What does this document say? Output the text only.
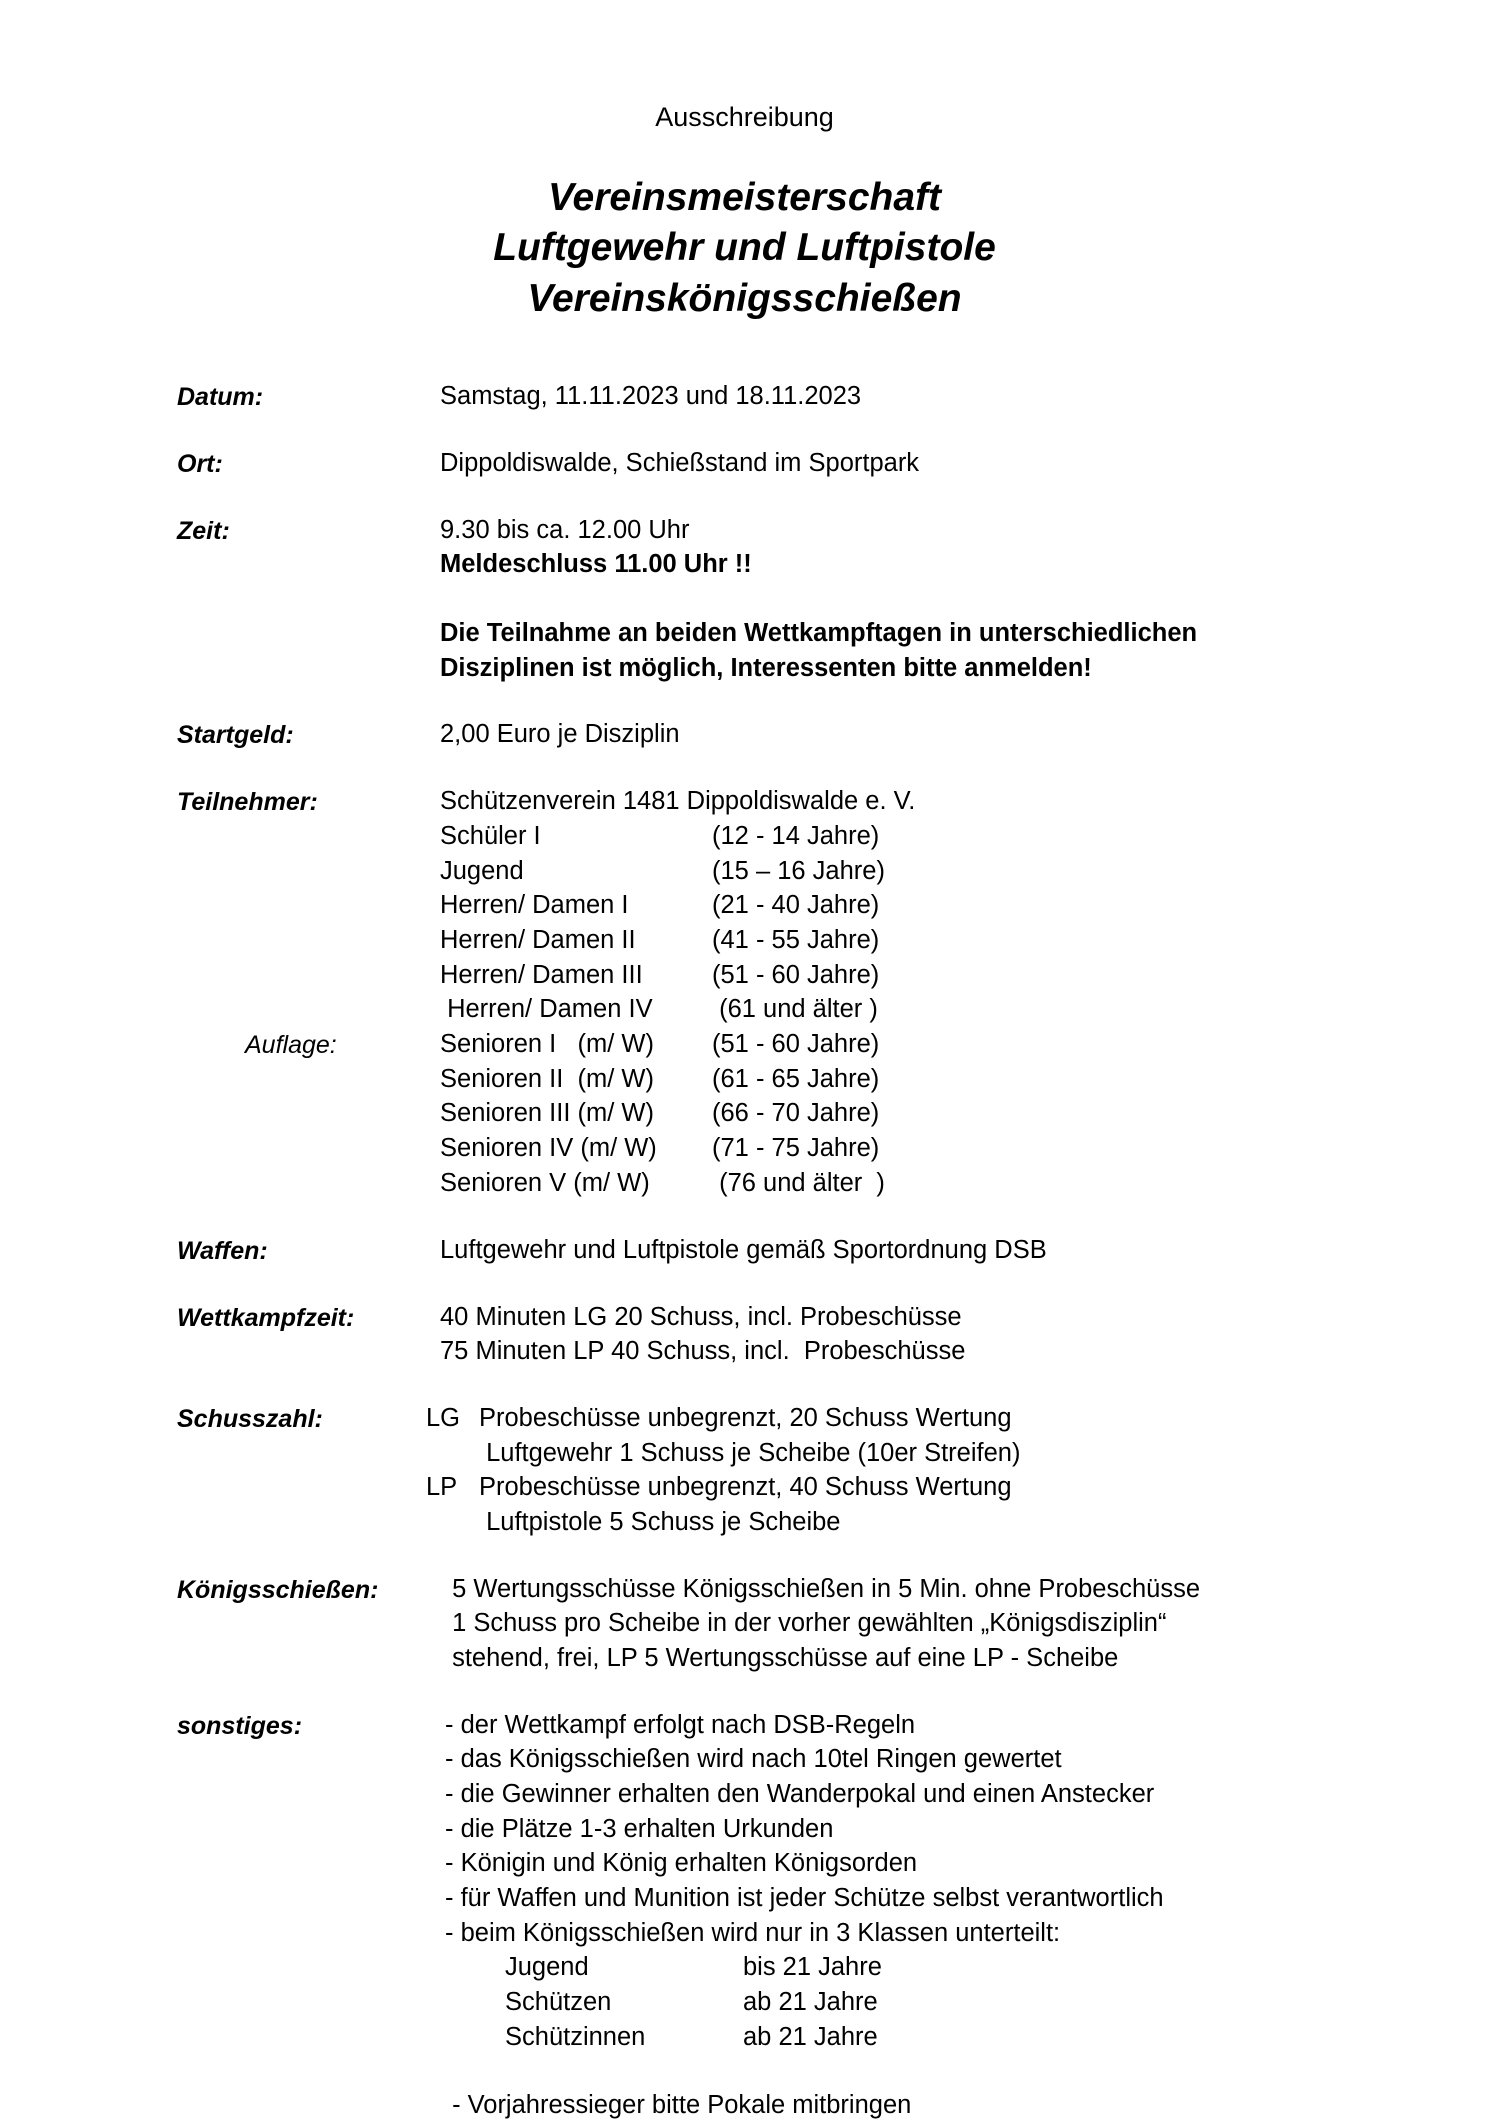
Ausschreibung
Vereinsmeisterschaft
Luftgewehr und Luftpistole
Vereinskönigsschießen
Datum:	Samstag, 11.11.2023 und 18.11.2023
Ort:	Dippoldiswalde, Schießstand im Sportpark
Zeit:	9.30 bis ca. 12.00 Uhr
Meldeschluss 11.00 Uhr !!
Die Teilnahme an beiden Wettkampftagen in unterschiedlichen
Disziplinen ist möglich, Interessenten bitte anmelden!
Startgeld:	2,00 Euro je Disziplin
Teilnehmer:	Schützenverein 1481 Dippoldiswalde e. V.
Schüler I	(12 - 14 Jahre)
Jugend	(15 – 16 Jahre)
Herren/ Damen I	(21 - 40 Jahre)
Herren/ Damen II	(41 - 55 Jahre)
Herren/ Damen III	(51 - 60 Jahre)
Herren/ Damen IV	(61 und älter )
Auflage:	Senioren I   (m/ W)	(51 - 60 Jahre)
Senioren II  (m/ W)	(61 - 65 Jahre)
Senioren III (m/ W)	(66 - 70 Jahre)
Senioren IV (m/ W)	(71 - 75 Jahre)
Senioren V (m/ W)	(76 und älter  )
Waffen:	Luftgewehr und Luftpistole gemäß Sportordnung DSB
Wettkampfzeit:	40 Minuten LG 20 Schuss, incl. Probeschüsse
75 Minuten LP 40 Schuss, incl.  Probeschüsse
Schusszahl:	LG Probeschüsse unbegrenzt, 20 Schuss Wertung
Luftgewehr 1 Schuss je Scheibe (10er Streifen)
LP Probeschüsse unbegrenzt, 40 Schuss Wertung
Luftpistole 5 Schuss je Scheibe
Königsschießen:	5 Wertungsschüsse Königsschießen in 5 Min. ohne Probeschüsse
1 Schuss pro Scheibe in der vorher gewählten „Königsdisziplin“
stehend, frei, LP 5 Wertungsschüsse auf eine LP - Scheibe
sonstiges:	- der Wettkampf erfolgt nach DSB-Regeln
- das Königsschießen wird nach 10tel Ringen gewertet
- die Gewinner erhalten den Wanderpokal und einen Anstecker
- die Plätze 1-3 erhalten Urkunden
- Königin und König erhalten Königsorden
- für Waffen und Munition ist jeder Schütze selbst verantwortlich
- beim Königsschießen wird nur in 3 Klassen unterteilt:
Jugend	bis 21 Jahre
Schützen	ab 21 Jahre
Schützinnen	ab 21 Jahre
- Vorjahressieger bitte Pokale mitbringen
